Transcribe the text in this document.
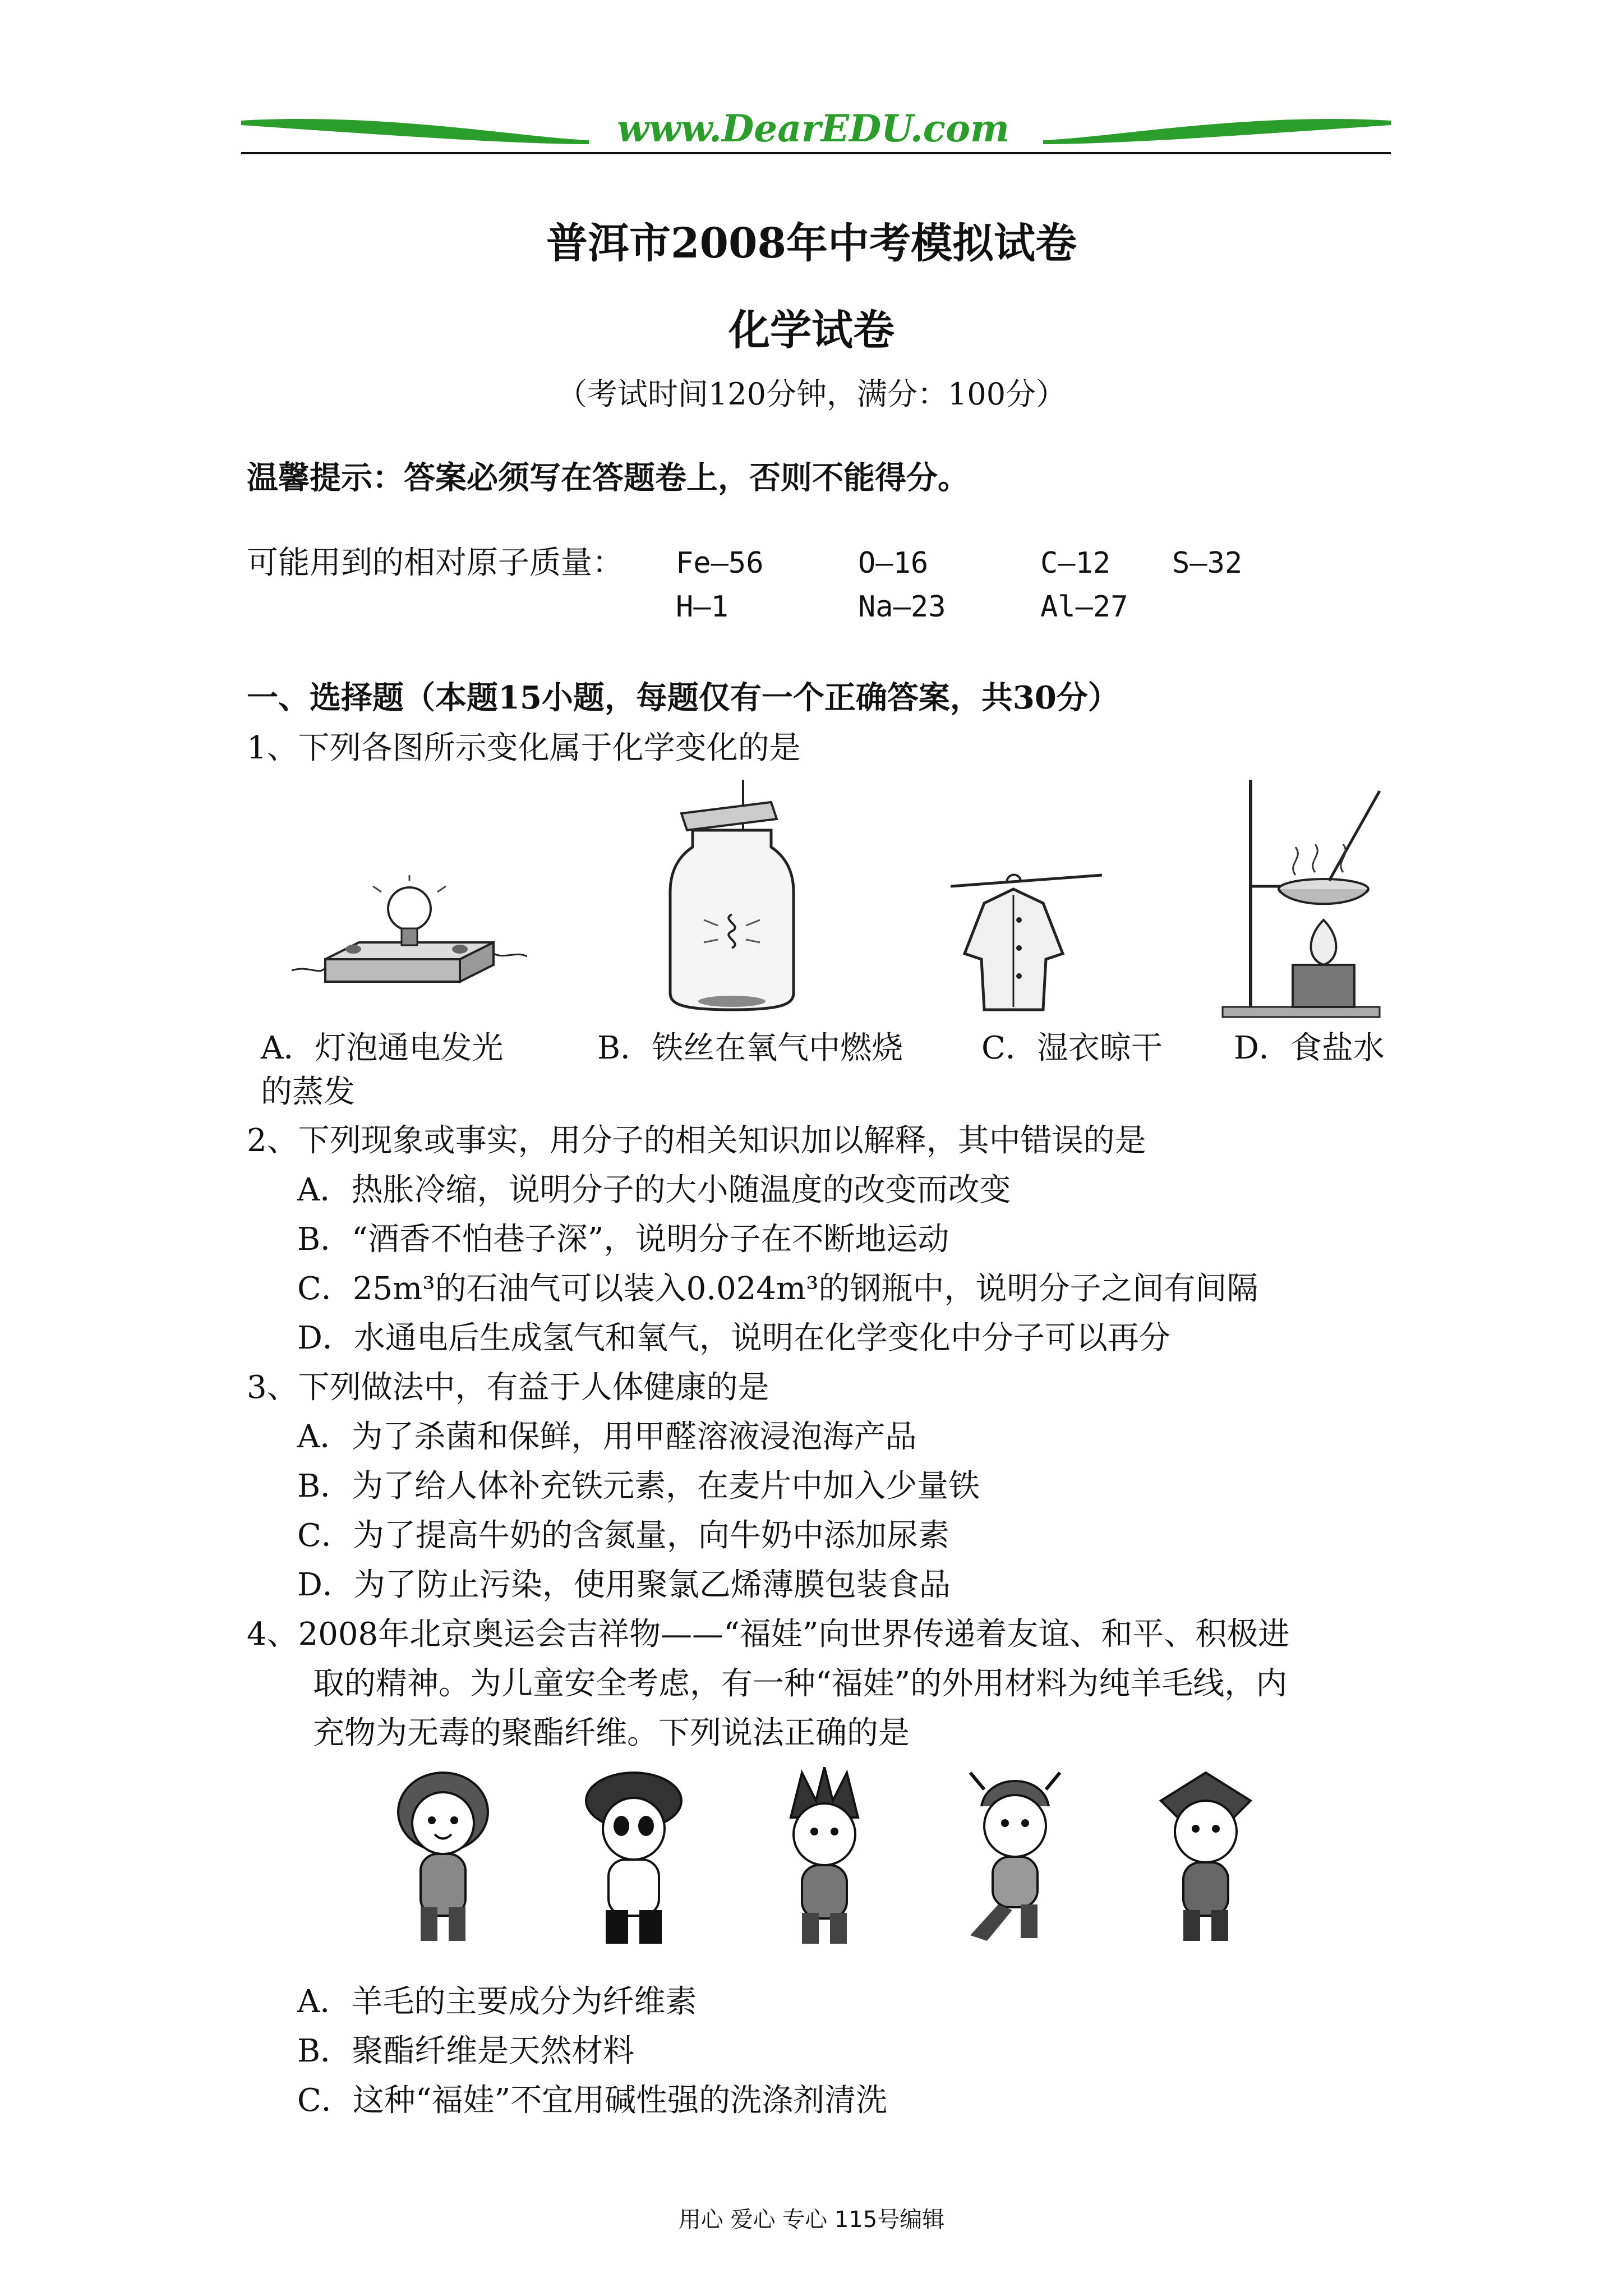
www.DearEDU.com
普洱市2008年中考模拟试卷
化学试卷
（考试时间120分钟，满分：100分）
温馨提示：答案必须写在答题卷上，否则不能得分。
可能用到的相对原子质量： Fe—56	O—16	C—12 S—32
H—1	Na—23	Al—27
一、选择题（本题15小题，每题仅有一个正确答案，共30分）
1、下列各图所示变化属于化学变化的是
A．灯泡通电发光	B．铁丝在氧气中燃烧 C．湿衣晾干 D．食盐水
的蒸发
2、下列现象或事实，用分子的相关知识加以解释，其中错误的是
A．热胀冷缩，说明分子的大小随温度的改变而改变
B．“酒香不怕巷子深”，说明分子在不断地运动
C．25m³的石油气可以装入0.024m³的钢瓶中，说明分子之间有间隔
D．水通电后生成氢气和氧气，说明在化学变化中分子可以再分
3、下列做法中，有益于人体健康的是
A．为了杀菌和保鲜，用甲醛溶液浸泡海产品
B．为了给人体补充铁元素，在麦片中加入少量铁
C．为了提高牛奶的含氮量，向牛奶中添加尿素
D．为了防止污染，使用聚氯乙烯薄膜包装食品
4、2008年北京奥运会吉祥物——“福娃”向世界传递着友谊、和平、积极进
取的精神。为儿童安全考虑，有一种“福娃”的外用材料为纯羊毛线，内
充物为无毒的聚酯纤维。下列说法正确的是
A．羊毛的主要成分为纤维素
B．聚酯纤维是天然材料
C．这种“福娃”不宜用碱性强的洗涤剂清洗
用心 爱心 专心 115号编辑
